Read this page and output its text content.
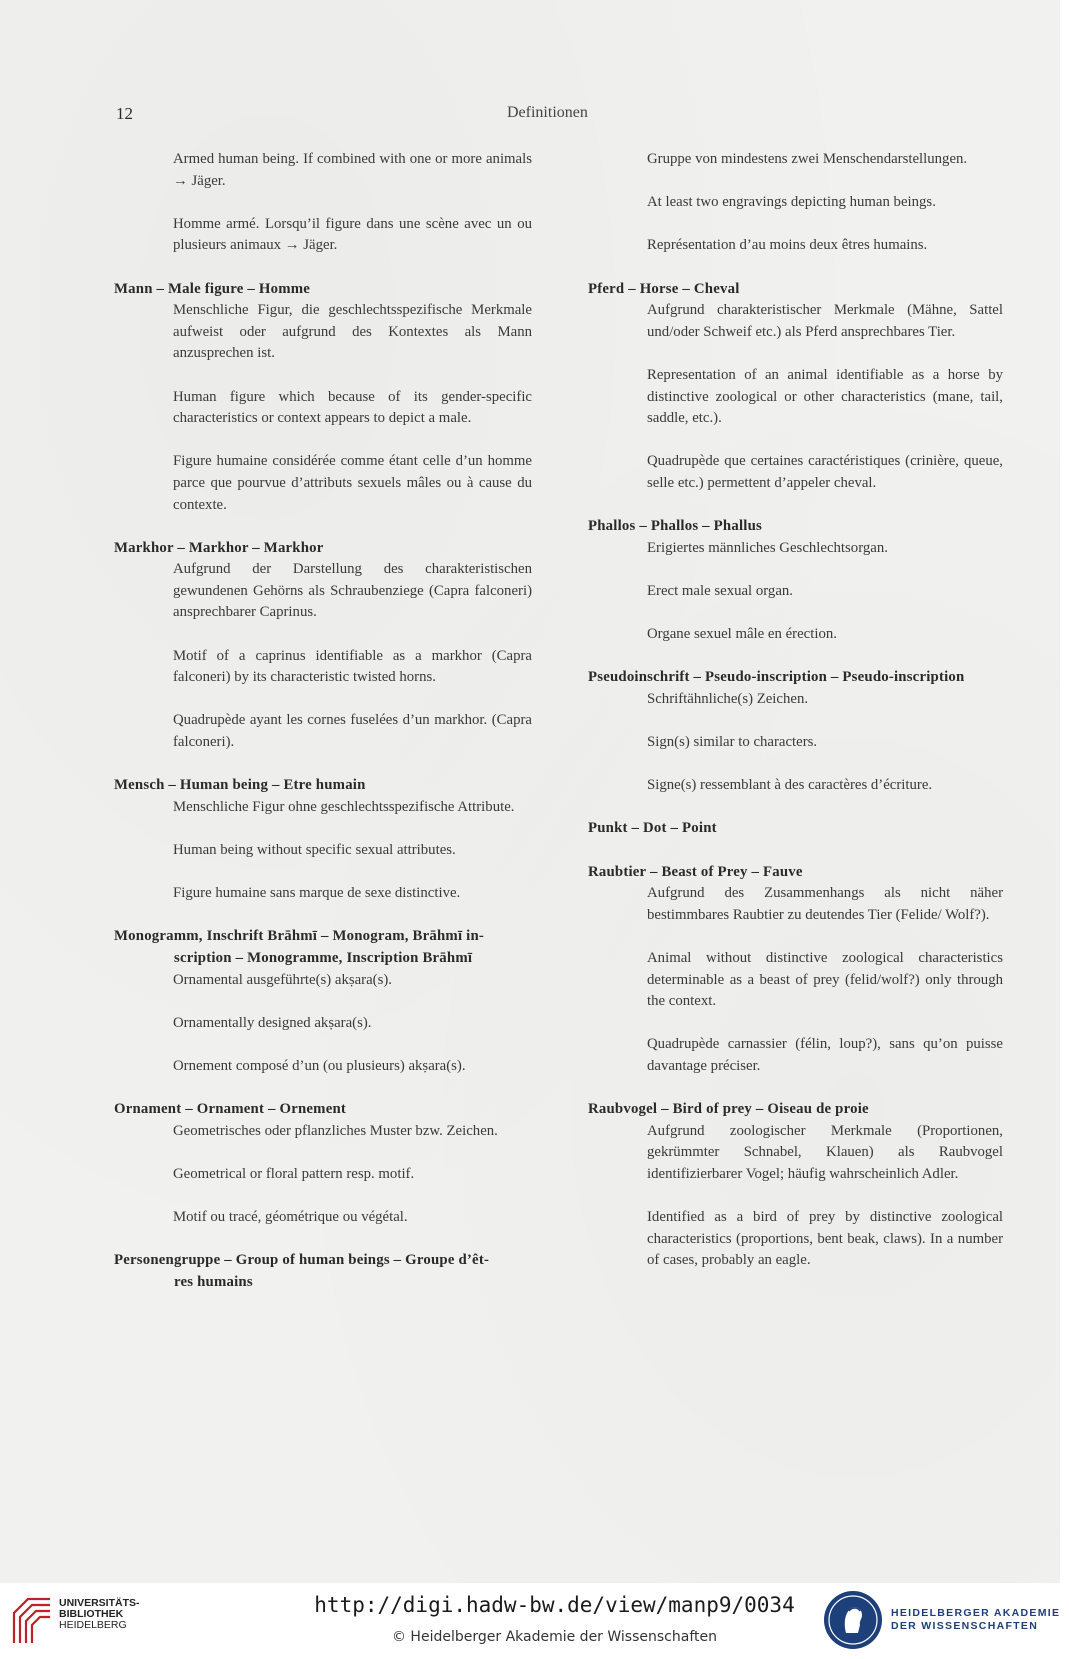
12	Definitionen

Armed human being. If combined with one or more animals → Jäger.

Homme armé. Lorsqu’il figure dans une scène avec un ou plusieurs animaux → Jäger.

Mann – Male figure – Homme

Menschliche Figur, die geschlechtsspezifische Merkmale aufweist oder aufgrund des Kontextes als Mann anzusprechen ist.

Human figure which because of its gender-specific characteristics or context appears to depict a male.

Figure humaine considérée comme étant celle d’un homme parce que pourvue d’attributs sexuels mâles ou à cause du contexte.

Markhor – Markhor – Markhor

Aufgrund der Darstellung des charakteristischen gewundenen Gehörns als Schraubenziege (Capra falconeri) ansprechbarer Caprinus.

Motif of a caprinus identifiable as a markhor (Capra falconeri) by its characteristic twisted horns.

Quadrupède ayant les cornes fuselées d’un markhor. (Capra falconeri).

Mensch – Human being – Etre humain

Menschliche Figur ohne geschlechtsspezifische Attribute.

Human being without specific sexual attributes.

Figure humaine sans marque de sexe distinctive.

Monogramm, Inschrift Brāhmī – Monogram, Brāhmī in-
scription – Monogramme, Inscription Brāhmī

Ornamental ausgeführte(s) akṣara(s).

Ornamentally designed akṣara(s).

Ornement composé d’un (ou plusieurs) akṣara(s).

Ornament – Ornament – Ornement

Geometrisches oder pflanzliches Muster bzw. Zeichen.

Geometrical or floral pattern resp. motif.

Motif ou tracé, géométrique ou végétal.

Personengruppe – Group of human beings – Groupe d’êt-
res humains

Gruppe von mindestens zwei Menschendarstellungen.

At least two engravings depicting human beings.

Représentation d’au moins deux êtres humains.

Pferd – Horse – Cheval

Aufgrund charakteristischer Merkmale (Mähne, Sattel und/oder Schweif etc.) als Pferd ansprechbares Tier.

Representation of an animal identifiable as a horse by distinctive zoological or other characteristics (mane, tail, saddle, etc.).

Quadrupède que certaines caractéristiques (crinière, queue, selle etc.) permettent d’appeler cheval.

Phallos – Phallos – Phallus

Erigiertes männliches Geschlechtsorgan.

Erect male sexual organ.

Organe sexuel mâle en érection.

Pseudoinschrift – Pseudo-inscription – Pseudo-inscription

Schriftähnliche(s) Zeichen.

Sign(s) similar to characters.

Signe(s) ressemblant à des caractères d’écriture.

Punkt – Dot – Point
Raubtier – Beast of Prey – Fauve

Aufgrund des Zusammenhangs als nicht näher bestimmbares Raubtier zu deutendes Tier (Felide/ Wolf?).

Animal without distinctive zoological characteristics determinable as a beast of prey (felid/wolf?) only through the context.

Quadrupède carnassier (félin, loup?), sans qu’on puisse davantage préciser.

Raubvogel – Bird of prey – Oiseau de proie

Aufgrund zoologischer Merkmale (Proportionen, gekrümmter Schnabel, Klauen) als Raubvogel identifizierbarer Vogel; häufig wahrscheinlich Adler.

Identified as a bird of prey by distinctive zoological characteristics (proportions, bent beak, claws). In a number of cases, probably an eagle.

UNIVERSITÄTS-
BIBLIOTHEK
HEIDELBERG
http://digi.hadw-bw.de/view/manp9/0034
© Heidelberger Akademie der Wissenschaften
HEIDELBERGER AKADEMIE
DER WISSENSCHAFTEN
